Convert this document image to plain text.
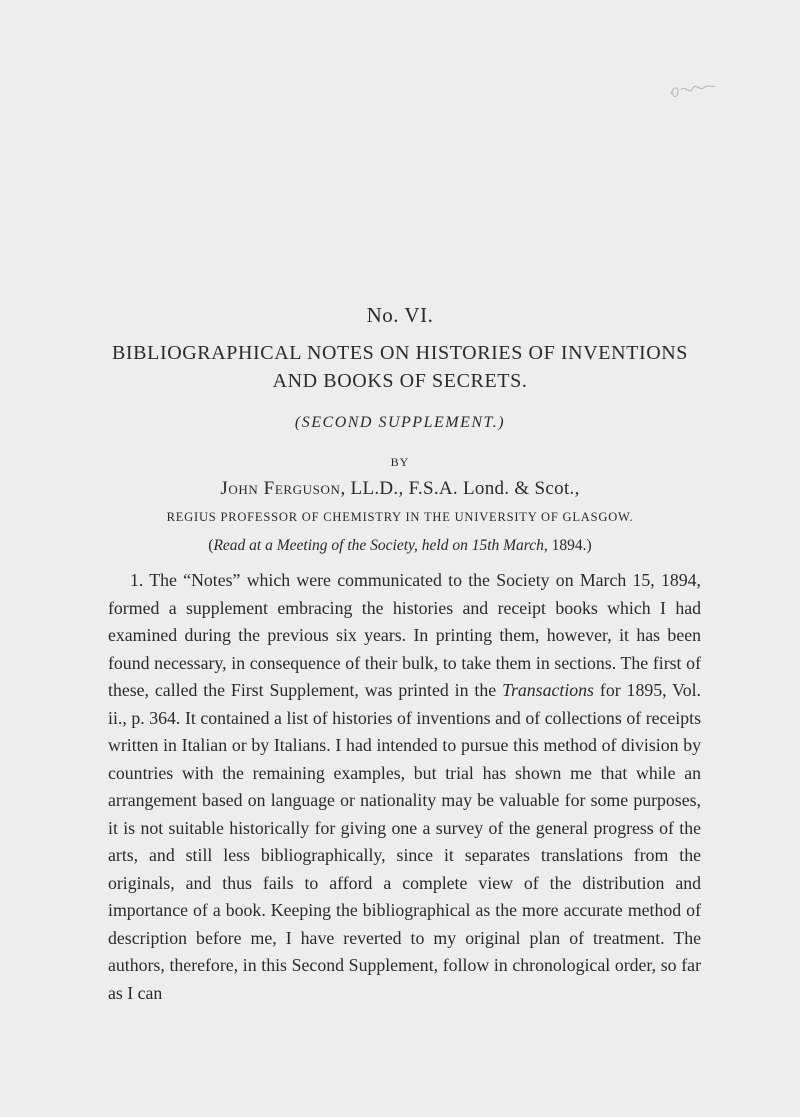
No. VI.
BIBLIOGRAPHICAL NOTES ON HISTORIES OF INVENTIONS
AND BOOKS OF SECRETS.
(SECOND SUPPLEMENT.)
BY
John Ferguson, LL.D., F.S.A. Lond. & Scot.,
REGIUS PROFESSOR OF CHEMISTRY IN THE UNIVERSITY OF GLASGOW.
(Read at a Meeting of the Society, held on 15th March, 1894.)

1. The “Notes” which were communicated to the Society on March 15, 1894, formed a supplement embracing the histories and receipt books which I had examined during the previous six years. In printing them, however, it has been found necessary, in consequence of their bulk, to take them in sections. The first of these, called the First Supplement, was printed in the Transactions for 1895, Vol. ii., p. 364. It contained a list of histories of inventions and of collections of receipts written in Italian or by Italians. I had intended to pursue this method of division by countries with the remaining examples, but trial has shown me that while an arrangement based on language or nationality may be valuable for some purposes, it is not suitable historically for giving one a survey of the general progress of the arts, and still less bibliographically, since it separates translations from the originals, and thus fails to afford a complete view of the distribution and importance of a book. Keeping the bibliographical as the more accurate method of description before me, I have reverted to my original plan of treatment. The authors, therefore, in this Second Supplement, follow in chronological order, so far as I can
